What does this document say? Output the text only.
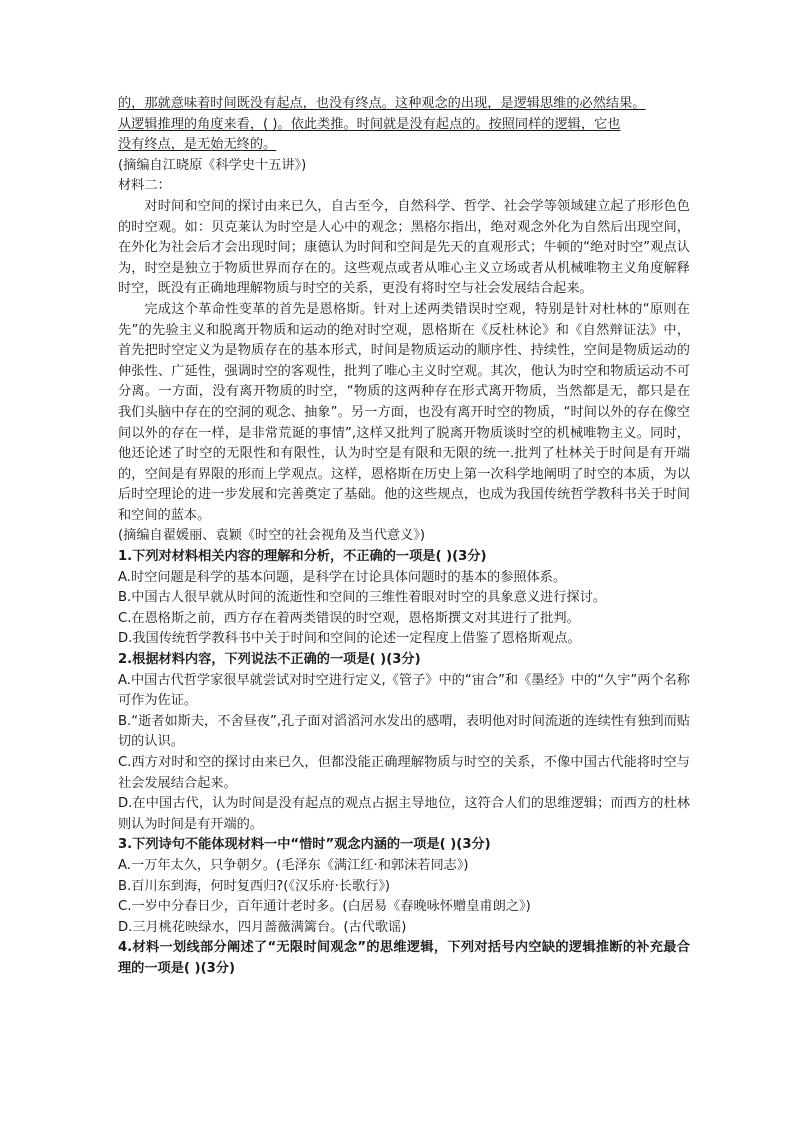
的，那就意味着时间既没有起点，也没有终点。这种观念的出现，是逻辑思维的必然结果。
从逻辑推理的角度来看，( )。依此类推。时间就是没有起点的。按照同样的逻辑，它也
没有终点，是无始无终的。
(摘编自江晓原《科学史十五讲》)
材料二：
对时间和空间的探讨由来已久，自古至今，自然科学、哲学、社会学等领域建立起了形形色色的时空观。如：贝克莱认为时空是人心中的观念；黑格尔指出，绝对观念外化为自然后出现空间，在外化为社会后才会出现时间；康德认为时间和空间是先天的直观形式；牛顿的“绝对时空”观点认为，时空是独立于物质世界而存在的。这些观点或者从唯心主义立场或者从机械唯物主义角度解释时空，既没有正确地理解物质与时空的关系，更没有将时空与社会发展结合起来。
完成这个革命性变革的首先是恩格斯。针对上述两类错误时空观，特别是针对杜林的“原则在先”的先验主义和脱离开物质和运动的绝对时空观，恩格斯在《反杜林论》和《自然辩证法》中，首先把时空定义为是物质存在的基本形式，时间是物质运动的顺序性、持续性，空间是物质运动的伸张性、广延性，强调时空的客观性，批判了唯心主义时空观。其次，他认为时空和物质运动不可分离。一方面，没有离开物质的时空，“物质的这两种存在形式离开物质，当然都是无，都只是在我们头脑中存在的空洞的观念、抽象”。另一方面，也没有离开时空的物质，“时间以外的存在像空间以外的存在一样，是非常荒诞的事情”,这样又批判了脱离开物质谈时空的机械唯物主义。同时，他还论述了时空的无限性和有限性，认为时空是有限和无限的统一.批判了杜林关于时间是有开端的，空间是有界限的形而上学观点。这样，恩格斯在历史上第一次科学地阐明了时空的本质，为以后时空理论的进一步发展和完善奠定了基础。他的这些规点，也成为我国传统哲学教科书关于时间和空间的蓝本。
(摘编自翟媛丽、袁颖《时空的社会视角及当代意义》)
1.下列对材料相关内容的理解和分析，不正确的一项是( )(3分)
A.时空问题是科学的基本问题，是科学在讨论具体问题时的基本的参照体系。
B.中国古人很早就从时间的流逝性和空间的三维性着眼对时空的具象意义进行探讨。
C.在恩格斯之前，西方存在着两类错误的时空观，恩格斯撰文对其进行了批判。
D.我国传统哲学教科书中关于时间和空间的论述一定程度上借鉴了恩格斯观点。
2.根据材料内容，下列说法不正确的一项是( )(3分)
A.中国古代哲学家很早就尝试对时空进行定义,《管子》中的“宙合”和《墨经》中的“久宇”两个名称可作为佐证。
B.“逝者如斯夫，不舍昼夜”,孔子面对滔滔河水发出的感喟，表明他对时间流逝的连续性有独到而贴切的认识。
C.西方对时和空的探讨由来已久，但都没能正确理解物质与时空的关系，不像中国古代能将时空与社会发展结合起来。
D.在中国古代，认为时间是没有起点的观点占据主导地位，这符合人们的思维逻辑；而西方的杜林则认为时间是有开端的。
3.下列诗句不能体现材料一中“惜时”观念内涵的一项是( )(3分)
A.一万年太久，只争朝夕。(毛泽东《满江红·和郭沫若同志》)
B.百川东到海，何时复西归?(《汉乐府·长歌行》)
C.一岁中分春日少，百年通计老时多。(白居易《春晚咏怀赠皇甫朗之》)
D.三月桃花映绿水，四月蔷薇满篱台。(古代歌谣)
4.材料一划线部分阐述了“无限时间观念”的思维逻辑，下列对括号内空缺的逻辑推断的补充最合理的一项是( )(3分)
